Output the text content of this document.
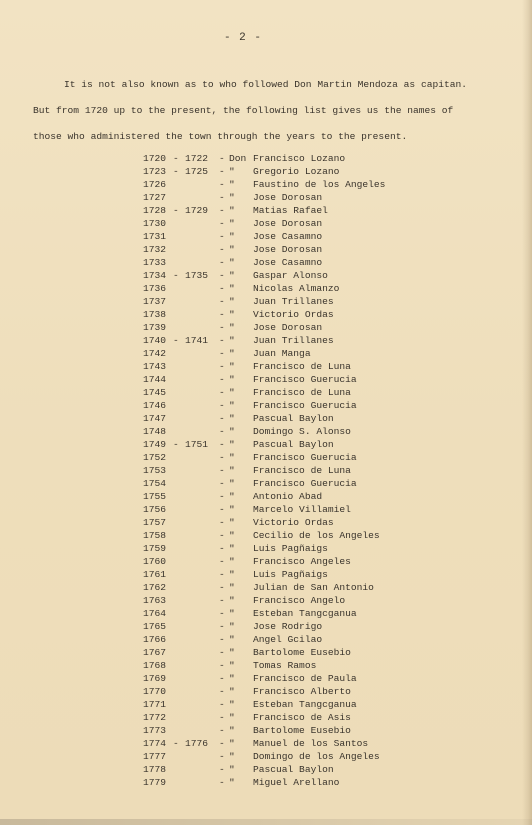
- 2 -
It is not also known as to who followed Don Martin Mendoza as capitan.
But from 1720 up to the present, the following list gives us the names of
those who administered the town through the years to the present.
1720 - 1722 - Don Francisco Lozano
1723 - 1725 - " Gregorio Lozano
1726	- " Faustino de los Angeles
1727	- " Jose Dorosan
1728 - 1729 - " Matias Rafael
1730	- " Jose Dorosan
1731	- " Jose Casamno
1732	- " Jose Dorosan
1733	- " Jose Casamno
1734 - 1735 - " Gaspar Alonso
1736	- " Nicolas Almanzo
1737	- " Juan Trillanes
1738	- " Victorio Ordas
1739	- " Jose Dorosan
1740 - 1741 - " Juan Trillanes
1742	- " Juan Manga
1743	- " Francisco de Luna
1744	- " Francisco Guerucia
1745	- " Francisco de Luna
1746	- " Francisco Guerucia
1747	- " Pascual Baylon
1748	- " Domingo S. Alonso
1749 - 1751 - " Pascual Baylon
1752	- " Francisco Guerucia
1753	- " Francisco de Luna
1754	- " Francisco Guerucia
1755	- " Antonio Abad
1756	- " Marcelo Villamiel
1757	- " Victorio Ordas
1758	- " Cecilio de los Angeles
1759	- " Luis Pagñaigs
1760	- " Francisco Angeles
1761	- " Luis Pagñaigs
1762	- " Julian de San Antonio
1763	- " Francisco Angelo
1764	- " Esteban Tangcganua
1765	- " Jose Rodrigo
1766	- " Angel Gcilao
1767	- " Bartolome Eusebio
1768	- " Tomas Ramos
1769	- " Francisco de Paula
1770	- " Francisco Alberto
1771	- " Esteban Tangcganua
1772	- " Francisco de Asis
1773	- " Bartolome Eusebio
1774 - 1776 - " Manuel de los Santos
1777	- " Domingo de los Angeles
1778	- " Pascual Baylon
1779	- " Miguel Arellano
